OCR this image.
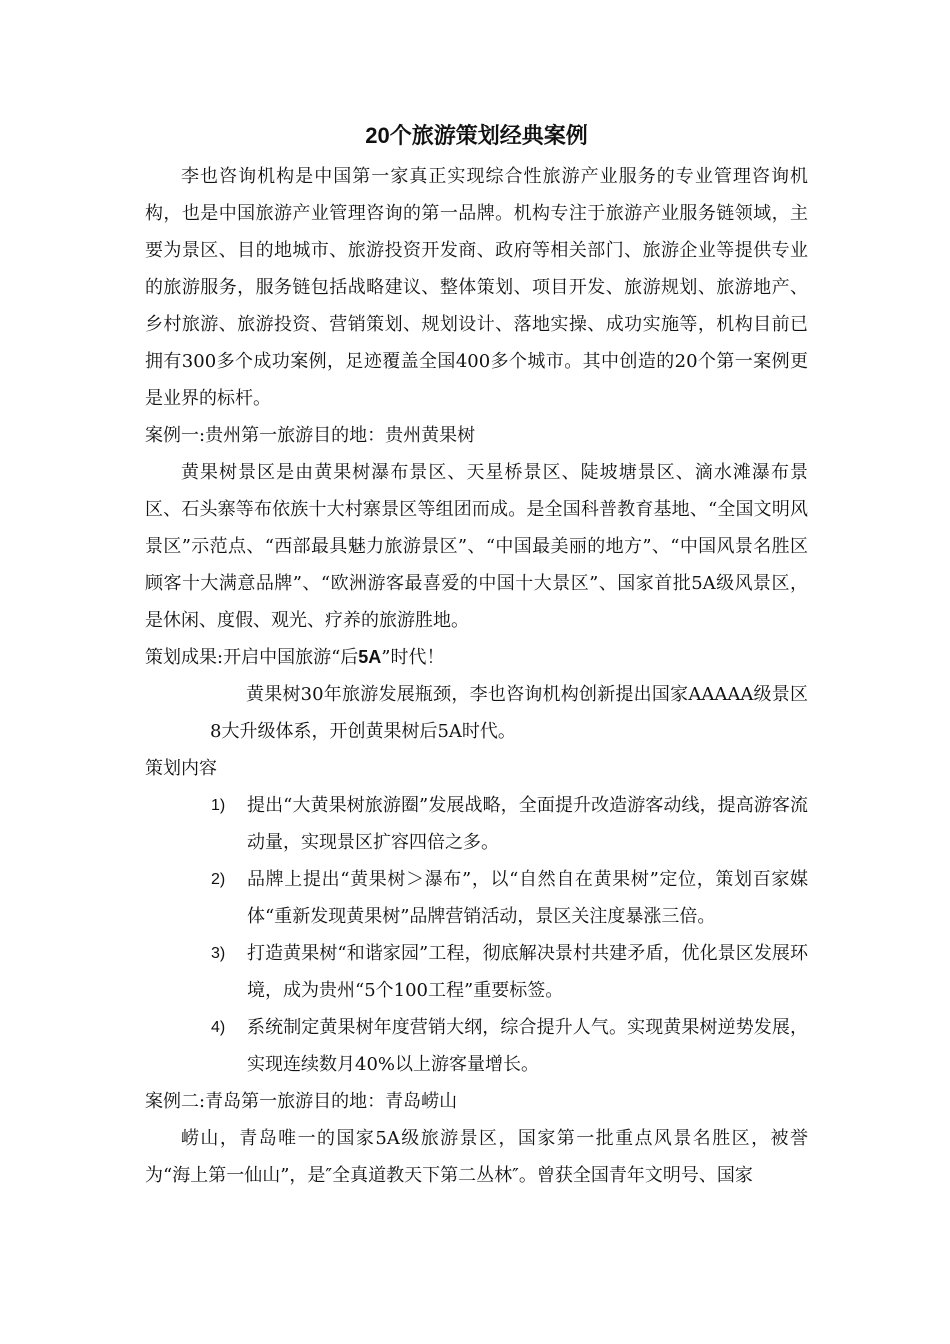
20个旅游策划经典案例

李也咨询机构是中国第一家真正实现综合性旅游产业服务的专业管理咨询机构，也是中国旅游产业管理咨询的第一品牌。机构专注于旅游产业服务链领域，主要为景区、目的地城市、旅游投资开发商、政府等相关部门、旅游企业等提供专业的旅游服务，服务链包括战略建议、整体策划、项目开发、旅游规划、旅游地产、乡村旅游、旅游投资、营销策划、规划设计、落地实操、成功实施等，机构目前已拥有300多个成功案例，足迹覆盖全国400多个城市。其中创造的20个第一案例更是业界的标杆。

案例一:贵州第一旅游目的地：贵州黄果树

黄果树景区是由黄果树瀑布景区、天星桥景区、陡坡塘景区、滴水滩瀑布景区、石头寨等布依族十大村寨景区等组团而成。是全国科普教育基地、“全国文明风景区”示范点、“西部最具魅力旅游景区”、“中国最美丽的地方”、“中国风景名胜区顾客十大满意品牌”、“欧洲游客最喜爱的中国十大景区”、国家首批5A级风景区，是休闲、度假、观光、疗养的旅游胜地。

策划成果:开启中国旅游“后5A”时代！

黄果树30年旅游发展瓶颈，李也咨询机构创新提出国家AAAAA级景区8大升级体系，开创黄果树后5A时代。

策划内容

1)	提出“大黄果树旅游圈”发展战略，全面提升改造游客动线，提高游客流动量，实现景区扩容四倍之多。
2)	品牌上提出“黄果树＞瀑布”，以“自然自在黄果树”定位，策划百家媒体“重新发现黄果树”品牌营销活动，景区关注度暴涨三倍。
3)	打造黄果树“和谐家园”工程，彻底解决景村共建矛盾，优化景区发展环境，成为贵州“5个100工程”重要标签。
4)	系统制定黄果树年度营销大纲，综合提升人气。实现黄果树逆势发展，实现连续数月40%以上游客量增长。

案例二:青岛第一旅游目的地：青岛崂山

崂山，青岛唯一的国家5A级旅游景区，国家第一批重点风景名胜区，被誉为“海上第一仙山”，是″全真道教天下第二丛林″。曾获全国青年文明号、国家
